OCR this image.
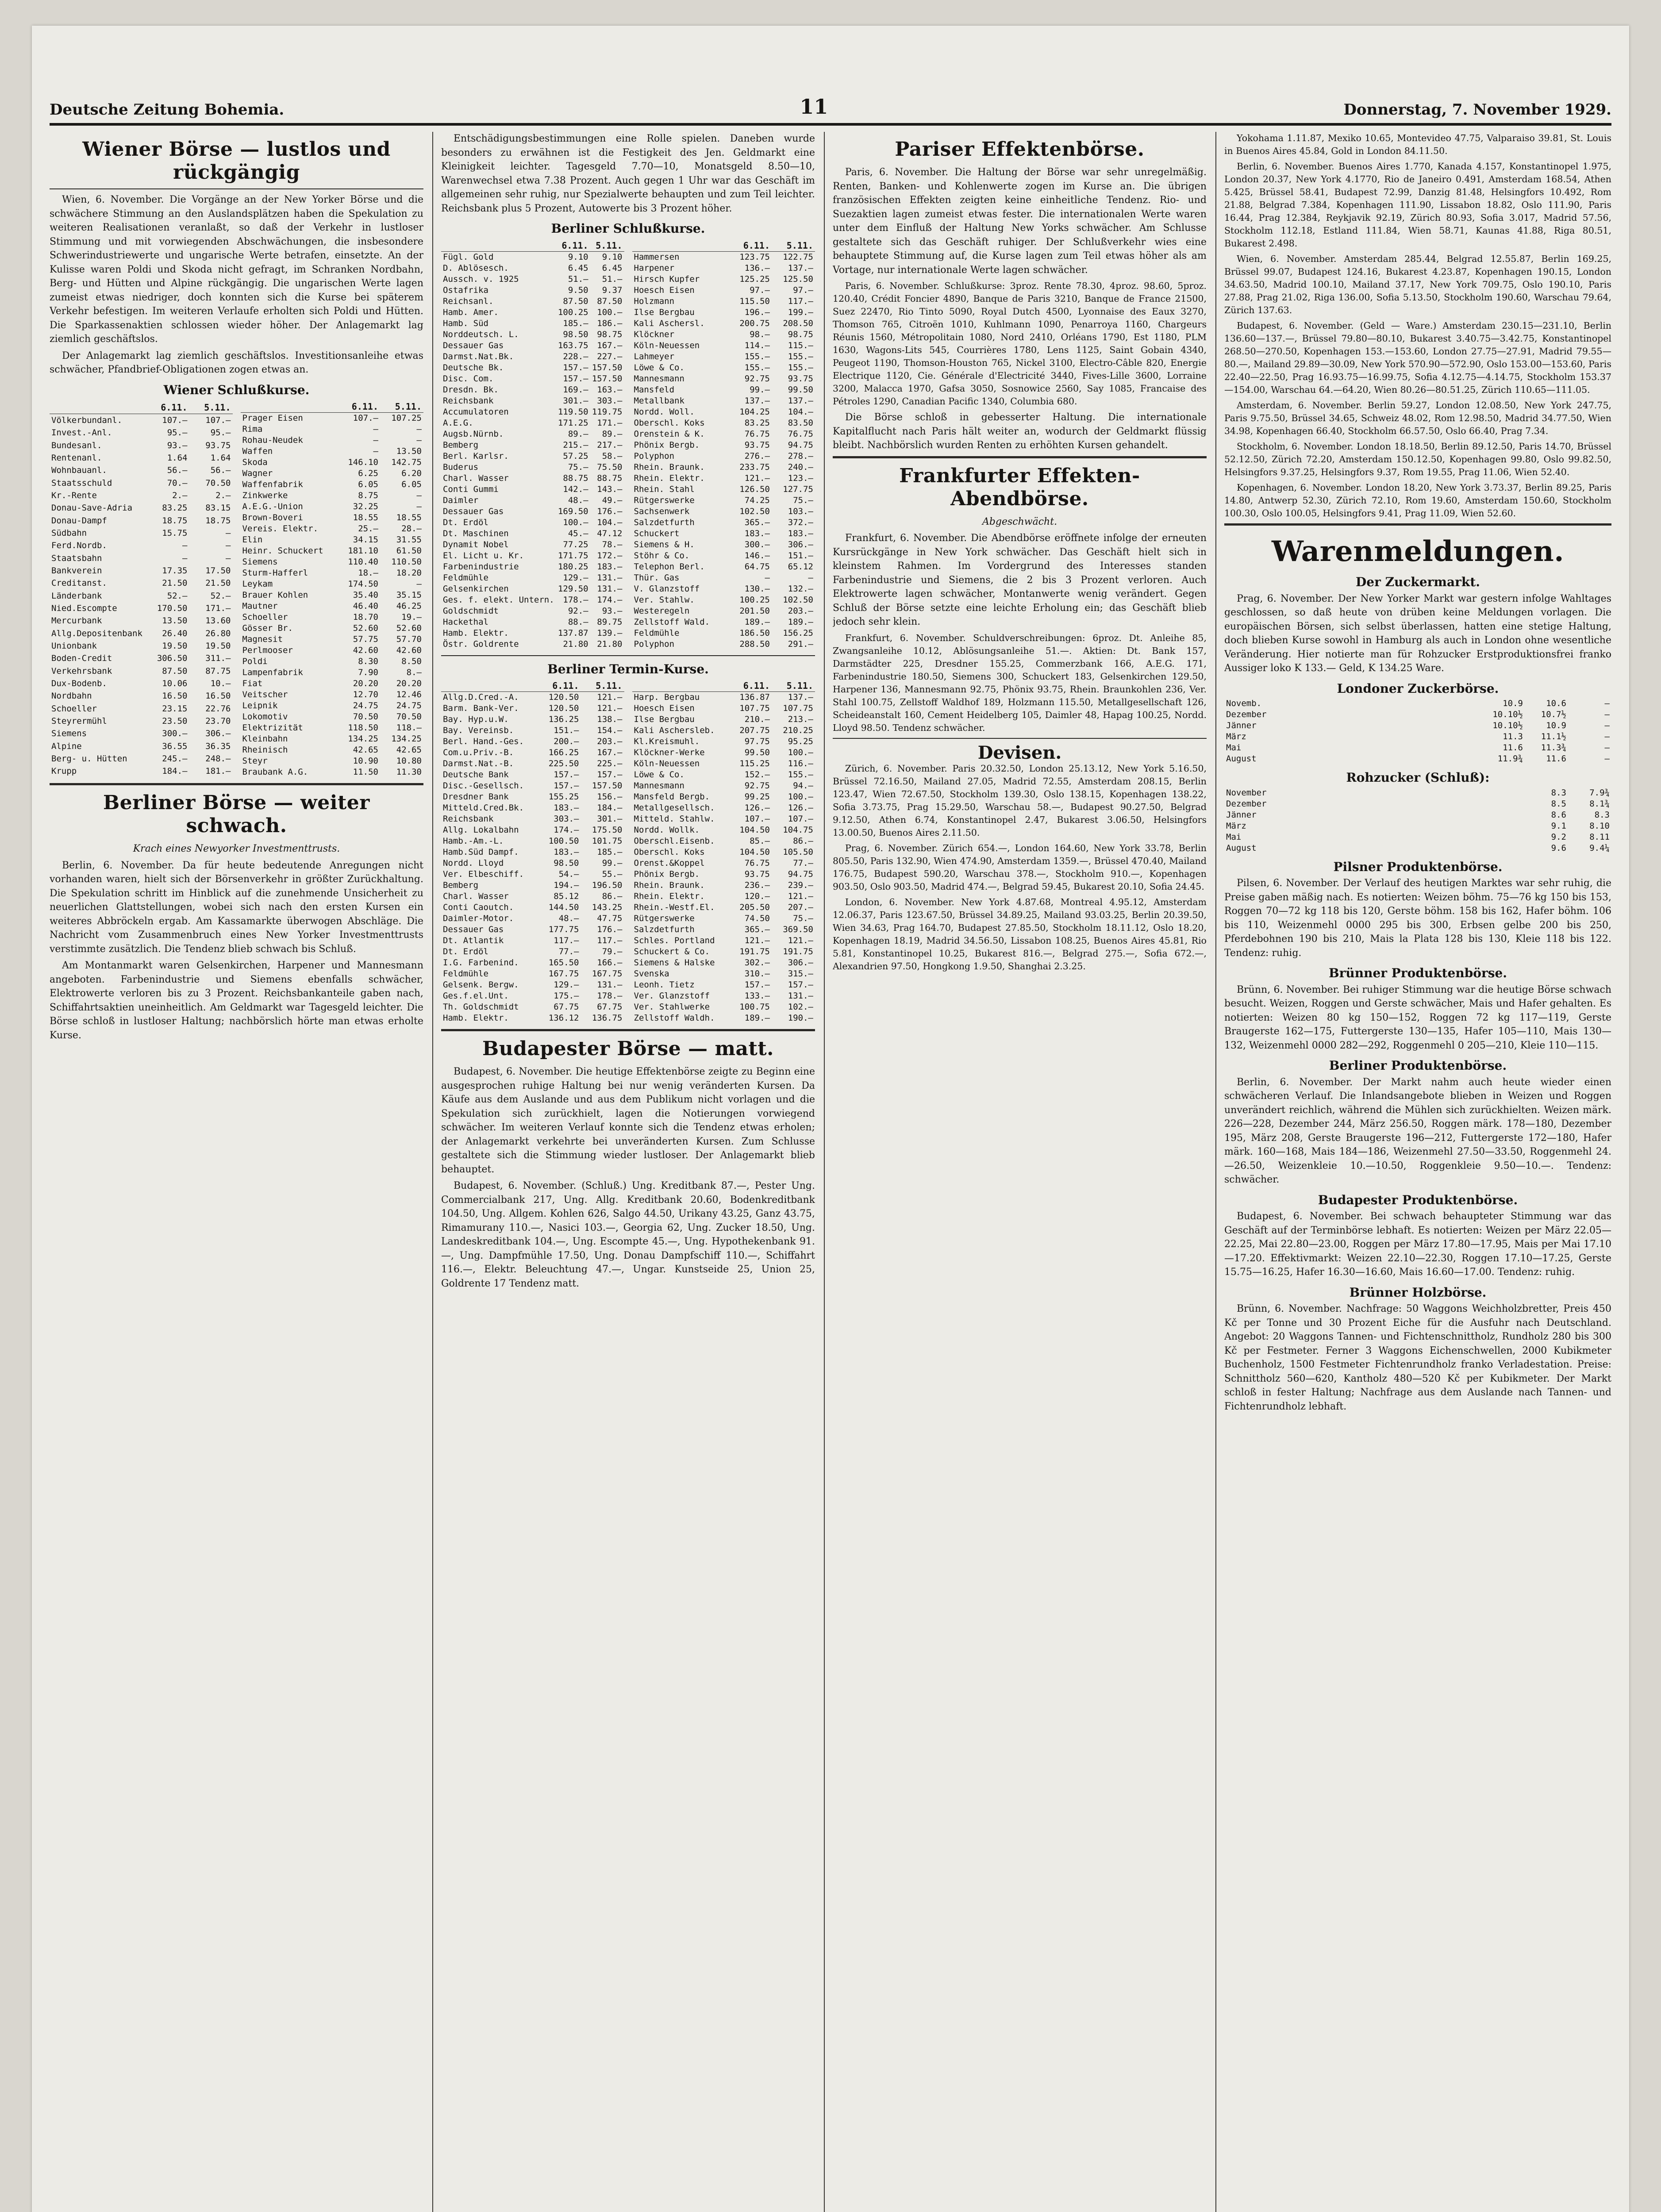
Deutsche Zeitung Bohemia.	11	Donnerstag, 7. November 1929.
Wiener Börse — lustlos und rückgängig

Wien, 6. November. Die Vorgänge an der New Yorker Börse und die schwächere Stimmung an den Auslandsplätzen haben die Spekulation zu weiteren Realisationen veranlaßt, so daß der Verkehr in lustloser Stimmung und mit vorwiegenden Abschwächungen, die insbesondere Schwerindustriewerte und ungarische Werte betrafen, einsetzte. An der Kulisse waren Poldi und Skoda nicht gefragt, im Schranken Nordbahn, Berg- und Hütten und Alpine rückgängig. Die ungarischen Werte lagen zumeist etwas niedriger, doch konnten sich die Kurse bei späterem Verkehr befestigen. Im weiteren Verlaufe erholten sich Poldi und Hütten. Die Sparkassenaktien schlossen wieder höher. Der Anlagemarkt lag ziemlich geschäftslos.

Der Anlagemarkt lag ziemlich geschäftslos. Investitionsanleihe etwas schwächer, Pfandbrief-Obligationen zogen etwas an.

Wiener Schlußkurse.
	6.11.	5.11.
Völkerbundanl.	107.—	107.—
Invest.-Anl.	95.—	95.—
Bundesanl.	93.—	93.75
Rentenanl.	1.64	1.64
Wohnbauanl.	56.—	56.—
Staatsschuld	70.—	70.50
Kr.-Rente	2.—	2.—
Donau-Save-Adria	83.25	83.15
Donau-Dampf	18.75	18.75
Südbahn	15.75	—
Ferd.Nordb.	—	—
Staatsbahn	—	—
Bankverein	17.35	17.50
Creditanst.	21.50	21.50
Länderbank	52.—	52.—
Nied.Escompte	170.50	171.—
Mercurbank	13.50	13.60
Allg.Depositenbank	26.40	26.80
Unionbank	19.50	19.50
Boden-Credit	306.50	311.—
Verkehrsbank	87.50	87.75
Dux-Bodenb.	10.06	10.—
Nordbahn	16.50	16.50
Schoeller	23.15	22.76
Steyrermühl	23.50	23.70
Siemens	300.—	306.—
Alpine	36.55	36.35
Berg- u. Hütten	245.—	248.—
Krupp	184.—	181.—
	6.11.	5.11.
Prager Eisen	107.—	107.25
Rima	—	—
Rohau-Neudek	—	—
Waffen	—	13.50
Skoda	146.10	142.75
Wagner	6.25	6.20
Waffenfabrik	6.05	6.05
Zinkwerke	8.75	—
A.E.G.-Union	32.25	—
Brown-Boveri	18.55	18.55
Vereis. Elektr.	25.—	28.—
Elin	34.15	31.55
Heinr. Schuckert	181.10	61.50
Siemens	110.40	110.50
Sturm-Hafferl	18.—	18.20
Leykam	174.50	—
Brauer Kohlen	35.40	35.15
Mautner	46.40	46.25
Schoeller	18.70	19.—
Gösser Br.	52.60	52.60
Magnesit	57.75	57.70
Perlmooser	42.60	42.60
Poldi	8.30	8.50
Lampenfabrik	7.90	8.—
Fiat	20.20	20.20
Veitscher	12.70	12.46
Leipnik	24.75	24.75
Lokomotiv	70.50	70.50
Elektrizität	118.50	118.—
Kleinbahn	134.25	134.25
Rheinisch	42.65	42.65
Steyr	10.90	10.80
Braubank A.G.	11.50	11.30
Berliner Börse — weiter schwach.
Krach eines Newyorker Investmenttrusts.

Berlin, 6. November. Da für heute bedeutende Anregungen nicht vorhanden waren, hielt sich der Börsenverkehr in größter Zurückhaltung. Die Spekulation schritt im Hinblick auf die zunehmende Unsicherheit zu neuerlichen Glattstellungen, wobei sich nach den ersten Kursen ein weiteres Abbröckeln ergab. Am Kassamarkte überwogen Abschläge. Die Nachricht vom Zusammenbruch eines New Yorker Investmenttrusts verstimmte zusätzlich. Die Tendenz blieb schwach bis Schluß.

Am Montanmarkt waren Gelsenkirchen, Harpener und Mannesmann angeboten. Farbenindustrie und Siemens ebenfalls schwächer, Elektrowerte verloren bis zu 3 Prozent. Reichsbankanteile gaben nach, Schiffahrtsaktien uneinheitlich. Am Geldmarkt war Tagesgeld leichter. Die Börse schloß in lustloser Haltung; nachbörslich hörte man etwas erholte Kurse.

Entschädigungsbestimmungen eine Rolle spielen. Daneben wurde besonders zu erwähnen ist die Festigkeit des Jen. Geldmarkt eine Kleinigkeit leichter. Tagesgeld 7.70—10, Monatsgeld 8.50—10, Warenwechsel etwa 7.38 Prozent. Auch gegen 1 Uhr war das Geschäft im allgemeinen sehr ruhig, nur Spezialwerte behaupten und zum Teil leichter. Reichsbank plus 5 Prozent, Autowerte bis 3 Prozent höher.

Berliner Schlußkurse.
	6.11.	5.11.
Fügl. Gold	9.10	9.10
D. Ablösesch.	6.45	6.45
Aussch. v. 1925	51.—	51.—
Ostafrika	9.50	9.37
Reichsanl.	87.50	87.50
Hamb. Amer.	100.25	100.—
Hamb. Süd	185.—	186.—
Norddeutsch. L.	98.50	98.75
Dessauer Gas	163.75	167.—
Darmst.Nat.Bk.	228.—	227.—
Deutsche Bk.	157.—	157.50
Disc. Com.	157.—	157.50
Dresdn. Bk.	169.—	163.—
Reichsbank	301.—	303.—
Accumulatoren	119.50	119.75
A.E.G.	171.25	171.—
Augsb.Nürnb.	89.—	89.—
Bemberg	215.—	217.—
Berl. Karlsr.	57.25	58.—
Buderus	75.—	75.50
Charl. Wasser	88.75	88.75
Conti Gummi	142.—	143.—
Daimler	48.—	49.—
Dessauer Gas	169.50	176.—
Dt. Erdöl	100.—	104.—
Dt. Maschinen	45.—	47.12
Dynamit Nobel	77.25	78.—
El. Licht u. Kr.	171.75	172.—
Farbenindustrie	180.25	183.—
Feldmühle	129.—	131.—
Gelsenkirchen	129.50	131.—
Ges. f. elekt. Untern.	178.—	174.—
Goldschmidt	92.—	93.—
Hackethal	88.—	89.75
Hamb. Elektr.	137.87	139.—
Östr. Goldrente	21.80	21.80
	6.11.	5.11.
Hammersen	123.75	122.75
Harpener	136.—	137.—
Hirsch Kupfer	125.25	125.50
Hoesch Eisen	97.—	97.—
Holzmann	115.50	117.—
Ilse Bergbau	196.—	199.—
Kali Aschersl.	200.75	208.50
Klöckner	98.—	98.75
Köln-Neuessen	114.—	115.—
Lahmeyer	155.—	155.—
Löwe & Co.	155.—	155.—
Mannesmann	92.75	93.75
Mansfeld	99.—	99.50
Metallbank	137.—	137.—
Nordd. Woll.	104.25	104.—
Oberschl. Koks	83.25	83.50
Orenstein & K.	76.75	76.75
Phönix Bergb.	93.75	94.75
Polyphon	276.—	278.—
Rhein. Braunk.	233.75	240.—
Rhein. Elektr.	121.—	123.—
Rhein. Stahl	126.50	127.75
Rütgerswerke	74.25	75.—
Sachsenwerk	102.50	103.—
Salzdetfurth	365.—	372.—
Schuckert	183.—	183.—
Siemens & H.	300.—	306.—
Stöhr & Co.	146.—	151.—
Telephon Berl.	64.75	65.12
Thür. Gas	—	—
V. Glanzstoff	130.—	132.—
Ver. Stahlw.	100.25	102.50
Westeregeln	201.50	203.—
Zellstoff Wald.	189.—	189.—
Feldmühle	186.50	156.25
Polyphon	288.50	291.—
Berliner Termin-Kurse.
	6.11.	5.11.
Allg.D.Cred.-A.	120.50	121.—
Barm. Bank-Ver.	120.50	121.—
Bay. Hyp.u.W.	136.25	138.—
Bay. Vereinsb.	151.—	154.—
Berl. Hand.-Ges.	200.—	203.—
Com.u.Priv.-B.	166.25	167.—
Darmst.Nat.-B.	225.50	225.—
Deutsche Bank	157.—	157.—
Disc.-Gesellsch.	157.—	157.50
Dresdner Bank	155.25	156.—
Mitteld.Cred.Bk.	183.—	184.—
Reichsbank	303.—	301.—
Allg. Lokalbahn	174.—	175.50
Hamb.-Am.-L.	100.50	101.75
Hamb.Süd Dampf.	183.—	185.—
Nordd. Lloyd	98.50	99.—
Ver. Elbeschiff.	54.—	55.—
Bemberg	194.—	196.50
Charl. Wasser	85.12	86.—
Conti Caoutch.	144.50	143.25
Daimler-Motor.	48.—	47.75
Dessauer Gas	177.75	176.—
Dt. Atlantik	117.—	117.—
Dt. Erdöl	77.—	79.—
I.G. Farbenind.	165.50	166.—
Feldmühle	167.75	167.75
Gelsenk. Bergw.	129.—	131.—
Ges.f.el.Unt.	175.—	178.—
Th. Goldschmidt	67.75	67.75
Hamb. Elektr.	136.12	136.75
	6.11.	5.11.
Harp. Bergbau	136.87	137.—
Hoesch Eisen	107.75	107.75
Ilse Bergbau	210.—	213.—
Kali Aschersleb.	207.75	210.25
Kl.Kreismuhl.	97.75	95.25
Klöckner-Werke	99.50	100.—
Köln-Neuessen	115.25	116.—
Löwe & Co.	152.—	155.—
Mannesmann	92.75	94.—
Mansfeld Bergb.	99.25	100.—
Metallgesellsch.	126.—	126.—
Mitteld. Stahlw.	107.—	107.—
Nordd. Wollk.	104.50	104.75
Oberschl.Eisenb.	85.—	86.—
Oberschl. Koks	104.50	105.50
Orenst.&Koppel	76.75	77.—
Phönix Bergb.	93.75	94.75
Rhein. Braunk.	236.—	239.—
Rhein. Elektr.	120.—	121.—
Rhein.-Westf.El.	205.50	207.—
Rütgerswerke	74.50	75.—
Salzdetfurth	365.—	369.50
Schles. Portland	121.—	121.—
Schuckert & Co.	191.75	191.75
Siemens & Halske	302.—	306.—
Svenska	310.—	315.—
Leonh. Tietz	157.—	157.—
Ver. Glanzstoff	133.—	131.—
Ver. Stahlwerke	100.75	102.—
Zellstoff Waldh.	189.—	190.—
Budapester Börse — matt.

Budapest, 6. November. Die heutige Effektenbörse zeigte zu Beginn eine ausgesprochen ruhige Haltung bei nur wenig veränderten Kursen. Da Käufe aus dem Auslande und aus dem Publikum nicht vorlagen und die Spekulation sich zurückhielt, lagen die Notierungen vorwiegend schwächer. Im weiteren Verlauf konnte sich die Tendenz etwas erholen; der Anlagemarkt verkehrte bei unveränderten Kursen. Zum Schlusse gestaltete sich die Stimmung wieder lustloser. Der Anlagemarkt blieb behauptet.

Budapest, 6. November. (Schluß.) Ung. Kreditbank 87.—, Pester Ung. Commercialbank 217, Ung. Allg. Kreditbank 20.60, Bodenkreditbank 104.50, Ung. Allgem. Kohlen 626, Salgo 44.50, Urikany 43.25, Ganz 43.75, Rimamurany 110.—, Nasici 103.—, Georgia 62, Ung. Zucker 18.50, Ung. Landeskreditbank 104.—, Ung. Escompte 45.—, Ung. Hypothekenbank 91.—, Ung. Dampfmühle 17.50, Ung. Donau Dampfschiff 110.—, Schiffahrt 116.—, Elektr. Beleuchtung 47.—, Ungar. Kunstseide 25, Union 25, Goldrente 17 Tendenz matt.

Pariser Effektenbörse.

Paris, 6. November. Die Haltung der Börse war sehr unregelmäßig. Renten, Banken- und Kohlenwerte zogen im Kurse an. Die übrigen französischen Effekten zeigten keine einheitliche Tendenz. Rio- und Suezaktien lagen zumeist etwas fester. Die internationalen Werte waren unter dem Einfluß der Haltung New Yorks schwächer. Am Schlusse gestaltete sich das Geschäft ruhiger. Der Schlußverkehr wies eine behauptete Stimmung auf, die Kurse lagen zum Teil etwas höher als am Vortage, nur internationale Werte lagen schwächer.

Paris, 6. November. Schlußkurse: 3proz. Rente 78.30, 4proz. 98.60, 5proz. 120.40, Crédit Foncier 4890, Banque de Paris 3210, Banque de France 21500, Suez 22470, Rio Tinto 5090, Royal Dutch 4500, Lyonnaise des Eaux 3270, Thomson 765, Citroën 1010, Kuhlmann 1090, Penarroya 1160, Chargeurs Réunis 1560, Métropolitain 1080, Nord 2410, Orléans 1790, Est 1180, PLM 1630, Wagons-Lits 545, Courrières 1780, Lens 1125, Saint Gobain 4340, Peugeot 1190, Thomson-Houston 765, Nickel 3100, Electro-Câble 820, Energie Electrique 1120, Cie. Générale d'Electricité 3440, Fives-Lille 3600, Lorraine 3200, Malacca 1970, Gafsa 3050, Sosnowice 2560, Say 1085, Francaise des Pétroles 1290, Canadian Pacific 1340, Columbia 680.

Die Börse schloß in gebesserter Haltung. Die internationale Kapitalflucht nach Paris hält weiter an, wodurch der Geldmarkt flüssig bleibt. Nachbörslich wurden Renten zu erhöhten Kursen gehandelt.

Frankfurter Effekten-Abendbörse.
Abgeschwächt.

Frankfurt, 6. November. Die Abendbörse eröffnete infolge der erneuten Kursrückgänge in New York schwächer. Das Geschäft hielt sich in kleinstem Rahmen. Im Vordergrund des Interesses standen Farbenindustrie und Siemens, die 2 bis 3 Prozent verloren. Auch Elektrowerte lagen schwächer, Montanwerte wenig verändert. Gegen Schluß der Börse setzte eine leichte Erholung ein; das Geschäft blieb jedoch sehr klein.

Frankfurt, 6. November. Schuldverschreibungen: 6proz. Dt. Anleihe 85, Zwangsanleihe 10.12, Ablösungsanleihe 51.—. Aktien: Dt. Bank 157, Darmstädter 225, Dresdner 155.25, Commerzbank 166, A.E.G. 171, Farbenindustrie 180.50, Siemens 300, Schuckert 183, Gelsenkirchen 129.50, Harpener 136, Mannesmann 92.75, Phönix 93.75, Rhein. Braunkohlen 236, Ver. Stahl 100.75, Zellstoff Waldhof 189, Holzmann 115.50, Metallgesellschaft 126, Scheideanstalt 160, Cement Heidelberg 105, Daimler 48, Hapag 100.25, Nordd. Lloyd 98.50. Tendenz schwächer.

Devisen.

Zürich, 6. November. Paris 20.32.50, London 25.13.12, New York 5.16.50, Brüssel 72.16.50, Mailand 27.05, Madrid 72.55, Amsterdam 208.15, Berlin 123.47, Wien 72.67.50, Stockholm 139.30, Oslo 138.15, Kopenhagen 138.22, Sofia 3.73.75, Prag 15.29.50, Warschau 58.—, Budapest 90.27.50, Belgrad 9.12.50, Athen 6.74, Konstantinopel 2.47, Bukarest 3.06.50, Helsingfors 13.00.50, Buenos Aires 2.11.50.

Prag, 6. November. Zürich 654.—, London 164.60, New York 33.78, Berlin 805.50, Paris 132.90, Wien 474.90, Amsterdam 1359.—, Brüssel 470.40, Mailand 176.75, Budapest 590.20, Warschau 378.—, Stockholm 910.—, Kopenhagen 903.50, Oslo 903.50, Madrid 474.—, Belgrad 59.45, Bukarest 20.10, Sofia 24.45.

London, 6. November. New York 4.87.68, Montreal 4.95.12, Amsterdam 12.06.37, Paris 123.67.50, Brüssel 34.89.25, Mailand 93.03.25, Berlin 20.39.50, Wien 34.63, Prag 164.70, Budapest 27.85.50, Stockholm 18.11.12, Oslo 18.20, Kopenhagen 18.19, Madrid 34.56.50, Lissabon 108.25, Buenos Aires 45.81, Rio 5.81, Konstantinopel 10.25, Bukarest 816.—, Belgrad 275.—, Sofia 672.—, Alexandrien 97.50, Hongkong 1.9.50, Shanghai 2.3.25.

Yokohama 1.11.87, Mexiko 10.65, Montevideo 47.75, Valparaiso 39.81, St. Louis in Buenos Aires 45.84, Gold in London 84.11.50.

Berlin, 6. November. Buenos Aires 1.770, Kanada 4.157, Konstantinopel 1.975, London 20.37, New York 4.1770, Rio de Janeiro 0.491, Amsterdam 168.54, Athen 5.425, Brüssel 58.41, Budapest 72.99, Danzig 81.48, Helsingfors 10.492, Rom 21.88, Belgrad 7.384, Kopenhagen 111.90, Lissabon 18.82, Oslo 111.90, Paris 16.44, Prag 12.384, Reykjavik 92.19, Zürich 80.93, Sofia 3.017, Madrid 57.56, Stockholm 112.18, Estland 111.84, Wien 58.71, Kaunas 41.88, Riga 80.51, Bukarest 2.498.

Wien, 6. November. Amsterdam 285.44, Belgrad 12.55.87, Berlin 169.25, Brüssel 99.07, Budapest 124.16, Bukarest 4.23.87, Kopenhagen 190.15, London 34.63.50, Madrid 100.10, Mailand 37.17, New York 709.75, Oslo 190.10, Paris 27.88, Prag 21.02, Riga 136.00, Sofia 5.13.50, Stockholm 190.60, Warschau 79.64, Zürich 137.63.

Budapest, 6. November. (Geld — Ware.) Amsterdam 230.15—231.10, Berlin 136.60—137.—, Brüssel 79.80—80.10, Bukarest 3.40.75—3.42.75, Konstantinopel 268.50—270.50, Kopenhagen 153.—153.60, London 27.75—27.91, Madrid 79.55—80.—, Mailand 29.89—30.09, New York 570.90—572.90, Oslo 153.00—153.60, Paris 22.40—22.50, Prag 16.93.75—16.99.75, Sofia 4.12.75—4.14.75, Stockholm 153.37—154.00, Warschau 64.—64.20, Wien 80.26—80.51.25, Zürich 110.65—111.05.

Amsterdam, 6. November. Berlin 59.27, London 12.08.50, New York 247.75, Paris 9.75.50, Brüssel 34.65, Schweiz 48.02, Rom 12.98.50, Madrid 34.77.50, Wien 34.98, Kopenhagen 66.40, Stockholm 66.57.50, Oslo 66.40, Prag 7.34.

Stockholm, 6. November. London 18.18.50, Berlin 89.12.50, Paris 14.70, Brüssel 52.12.50, Zürich 72.20, Amsterdam 150.12.50, Kopenhagen 99.80, Oslo 99.82.50, Helsingfors 9.37.25, Helsingfors 9.37, Rom 19.55, Prag 11.06, Wien 52.40.

Kopenhagen, 6. November. London 18.20, New York 3.73.37, Berlin 89.25, Paris 14.80, Antwerp 52.30, Zürich 72.10, Rom 19.60, Amsterdam 150.60, Stockholm 100.30, Oslo 100.05, Helsingfors 9.41, Prag 11.09, Wien 52.60.

Warenmeldungen.
Der Zuckermarkt.

Prag, 6. November. Der New Yorker Markt war gestern infolge Wahltages geschlossen, so daß heute von drüben keine Meldungen vorlagen. Die europäischen Börsen, sich selbst überlassen, hatten eine stetige Haltung, doch blieben Kurse sowohl in Hamburg als auch in London ohne wesentliche Veränderung. Hier notierte man für Rohzucker Erstproduktionsfrei franko Aussiger loko K 133.— Geld, K 134.25 Ware.

Londoner Zuckerbörse.
Novemb.	10.9	10.6	—
Dezember	10.10½	10.7½	—
Jänner	10.10½	10.9	—
März	11.3	11.1½	—
Mai	11.6	11.3¾	—
August	11.9¾	11.6	—
Rohzucker (Schluß):
November	8.3	7.9¾
Dezember	8.5	8.1¾
Jänner	8.6	8.3
März	9.1	8.10
Mai	9.2	8.11
August	9.6	9.4¼
Pilsner Produktenbörse.

Pilsen, 6. November. Der Verlauf des heutigen Marktes war sehr ruhig, die Preise gaben mäßig nach. Es notierten: Weizen böhm. 75—76 kg 150 bis 153, Roggen 70—72 kg 118 bis 120, Gerste böhm. 158 bis 162, Hafer böhm. 106 bis 110, Weizenmehl 0000 295 bis 300, Erbsen gelbe 200 bis 250, Pferdebohnen 190 bis 210, Mais la Plata 128 bis 130, Kleie 118 bis 122. Tendenz: ruhig.

Brünner Produktenbörse.

Brünn, 6. November. Bei ruhiger Stimmung war die heutige Börse schwach besucht. Weizen, Roggen und Gerste schwächer, Mais und Hafer gehalten. Es notierten: Weizen 80 kg 150—152, Roggen 72 kg 117—119, Gerste Braugerste 162—175, Futtergerste 130—135, Hafer 105—110, Mais 130—132, Weizenmehl 0000 282—292, Roggenmehl 0 205—210, Kleie 110—115.

Berliner Produktenbörse.

Berlin, 6. November. Der Markt nahm auch heute wieder einen schwächeren Verlauf. Die Inlandsangebote blieben in Weizen und Roggen unverändert reichlich, während die Mühlen sich zurückhielten. Weizen märk. 226—228, Dezember 244, März 256.50, Roggen märk. 178—180, Dezember 195, März 208, Gerste Braugerste 196—212, Futtergerste 172—180, Hafer märk. 160—168, Mais 184—186, Weizenmehl 27.50—33.50, Roggenmehl 24.—26.50, Weizenkleie 10.—10.50, Roggenkleie 9.50—10.—. Tendenz: schwächer.

Budapester Produktenbörse.

Budapest, 6. November. Bei schwach behaupteter Stimmung war das Geschäft auf der Terminbörse lebhaft. Es notierten: Weizen per März 22.05—22.25, Mai 22.80—23.00, Roggen per März 17.80—17.95, Mais per Mai 17.10—17.20. Effektivmarkt: Weizen 22.10—22.30, Roggen 17.10—17.25, Gerste 15.75—16.25, Hafer 16.30—16.60, Mais 16.60—17.00. Tendenz: ruhig.

Brünner Holzbörse.

Brünn, 6. November. Nachfrage: 50 Waggons Weichholzbretter, Preis 450 Kč per Tonne und 30 Prozent Eiche für die Ausfuhr nach Deutschland. Angebot: 20 Waggons Tannen- und Fichtenschnittholz, Rundholz 280 bis 300 Kč per Festmeter. Ferner 3 Waggons Eichenschwellen, 2000 Kubikmeter Buchenholz, 1500 Festmeter Fichtenrundholz franko Verladestation. Preise: Schnittholz 560—620, Kantholz 480—520 Kč per Kubikmeter. Der Markt schloß in fester Haltung; Nachfrage aus dem Auslande nach Tannen- und Fichtenrundholz lebhaft.
